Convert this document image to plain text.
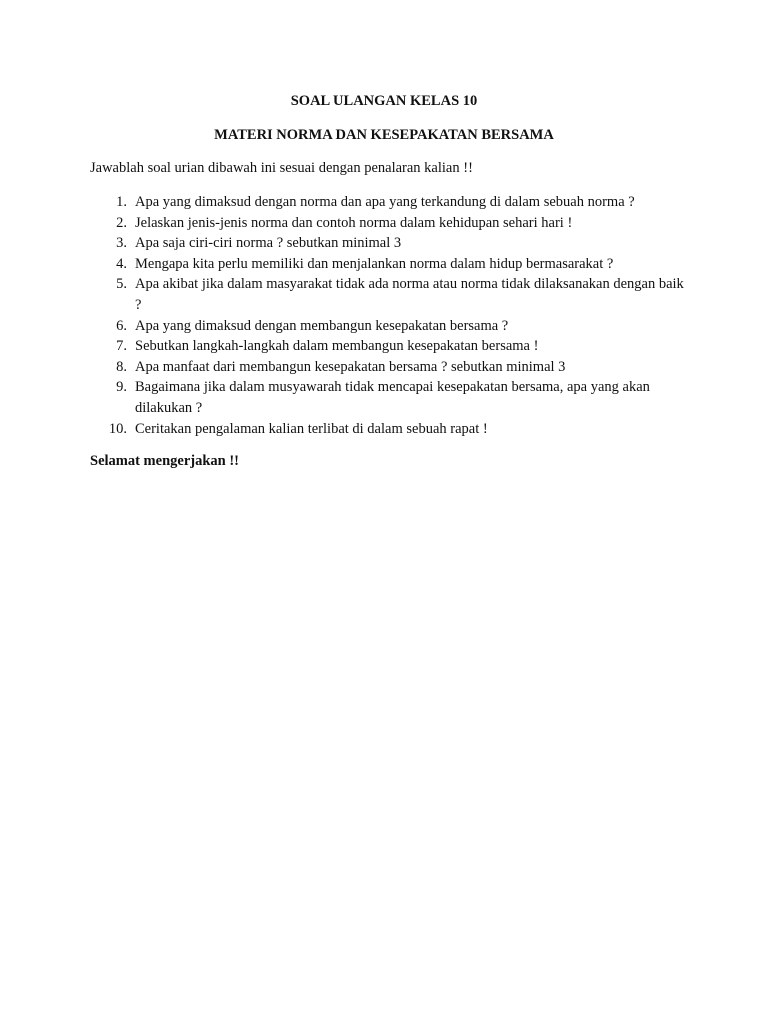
SOAL ULANGAN KELAS 10
MATERI NORMA DAN KESEPAKATAN BERSAMA

Jawablah soal urian dibawah ini sesuai dengan penalaran kalian !!

1. Apa yang dimaksud dengan norma dan apa yang terkandung di dalam sebuah norma ?
2. Jelaskan jenis-jenis norma dan contoh norma dalam kehidupan sehari hari !
3. Apa saja ciri-ciri norma ? sebutkan minimal 3
4. Mengapa kita perlu memiliki dan menjalankan norma dalam hidup bermasarakat ?
5. Apa akibat jika dalam masyarakat tidak ada norma atau norma tidak dilaksanakan dengan baik ?
6. Apa yang dimaksud dengan membangun kesepakatan bersama ?
7. Sebutkan langkah-langkah dalam membangun kesepakatan bersama !
8. Apa manfaat dari membangun kesepakatan bersama ? sebutkan minimal 3
9. Bagaimana jika dalam musyawarah tidak mencapai kesepakatan bersama, apa yang akan dilakukan ?
10. Ceritakan pengalaman kalian terlibat di dalam sebuah rapat !

Selamat mengerjakan !!
